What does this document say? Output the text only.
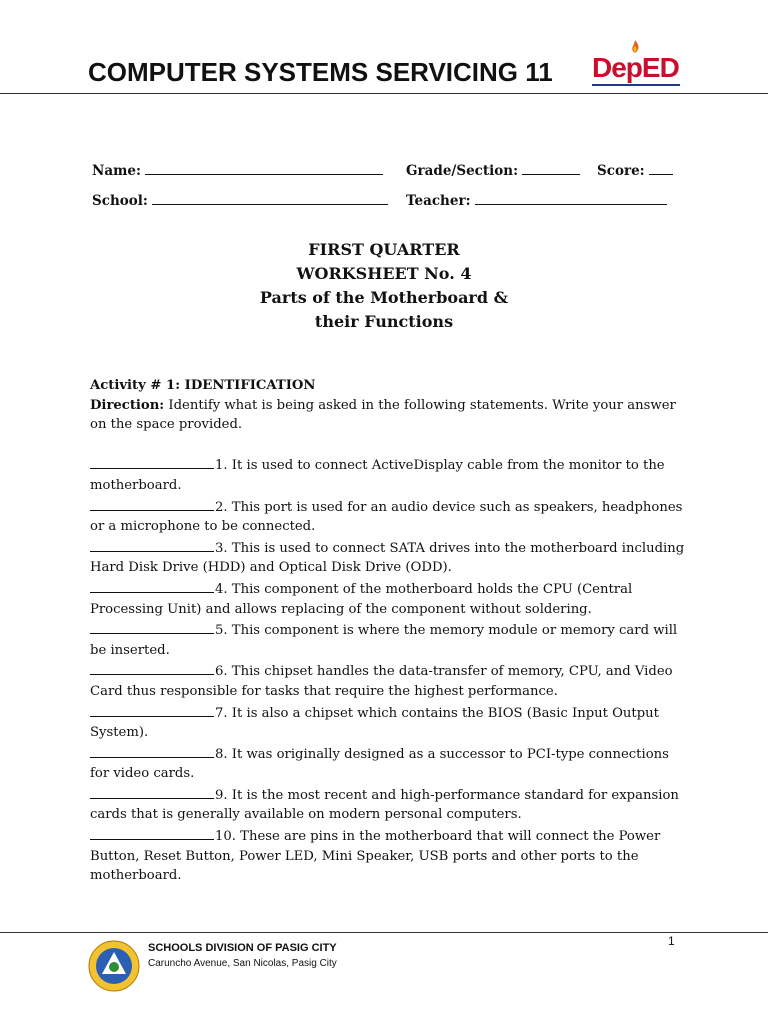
COMPUTER SYSTEMS SERVICING 11 DepED
Name:	Grade/Section:	Score:
School:	Teacher:
FIRST QUARTER
WORKSHEET No. 4
Parts of the Motherboard &
their Functions
Activity # 1: IDENTIFICATION
Direction: Identify what is being asked in the following statements. Write your answer on the space provided.
1. It is used to connect ActiveDisplay cable from the monitor to the motherboard.
2. This port is used for an audio device such as speakers, headphones or a microphone to be connected.
3. This is used to connect SATA drives into the motherboard including Hard Disk Drive (HDD) and Optical Disk Drive (ODD).
4. This component of the motherboard holds the CPU (Central Processing Unit) and allows replacing of the component without soldering.
5. This component is where the memory module or memory card will be inserted.
6. This chipset handles the data-transfer of memory, CPU, and Video Card thus responsible for tasks that require the highest performance.
7. It is also a chipset which contains the BIOS (Basic Input Output System).
8. It was originally designed as a successor to PCI-type connections for video cards.
9. It is the most recent and high-performance standard for expansion cards that is generally available on modern personal computers.
10. These are pins in the motherboard that will connect the Power Button, Reset Button, Power LED, Mini Speaker, USB ports and other ports to the motherboard.
1
SCHOOLS DIVISION OF PASIG CITY
Caruncho Avenue, San Nicolas, Pasig City
